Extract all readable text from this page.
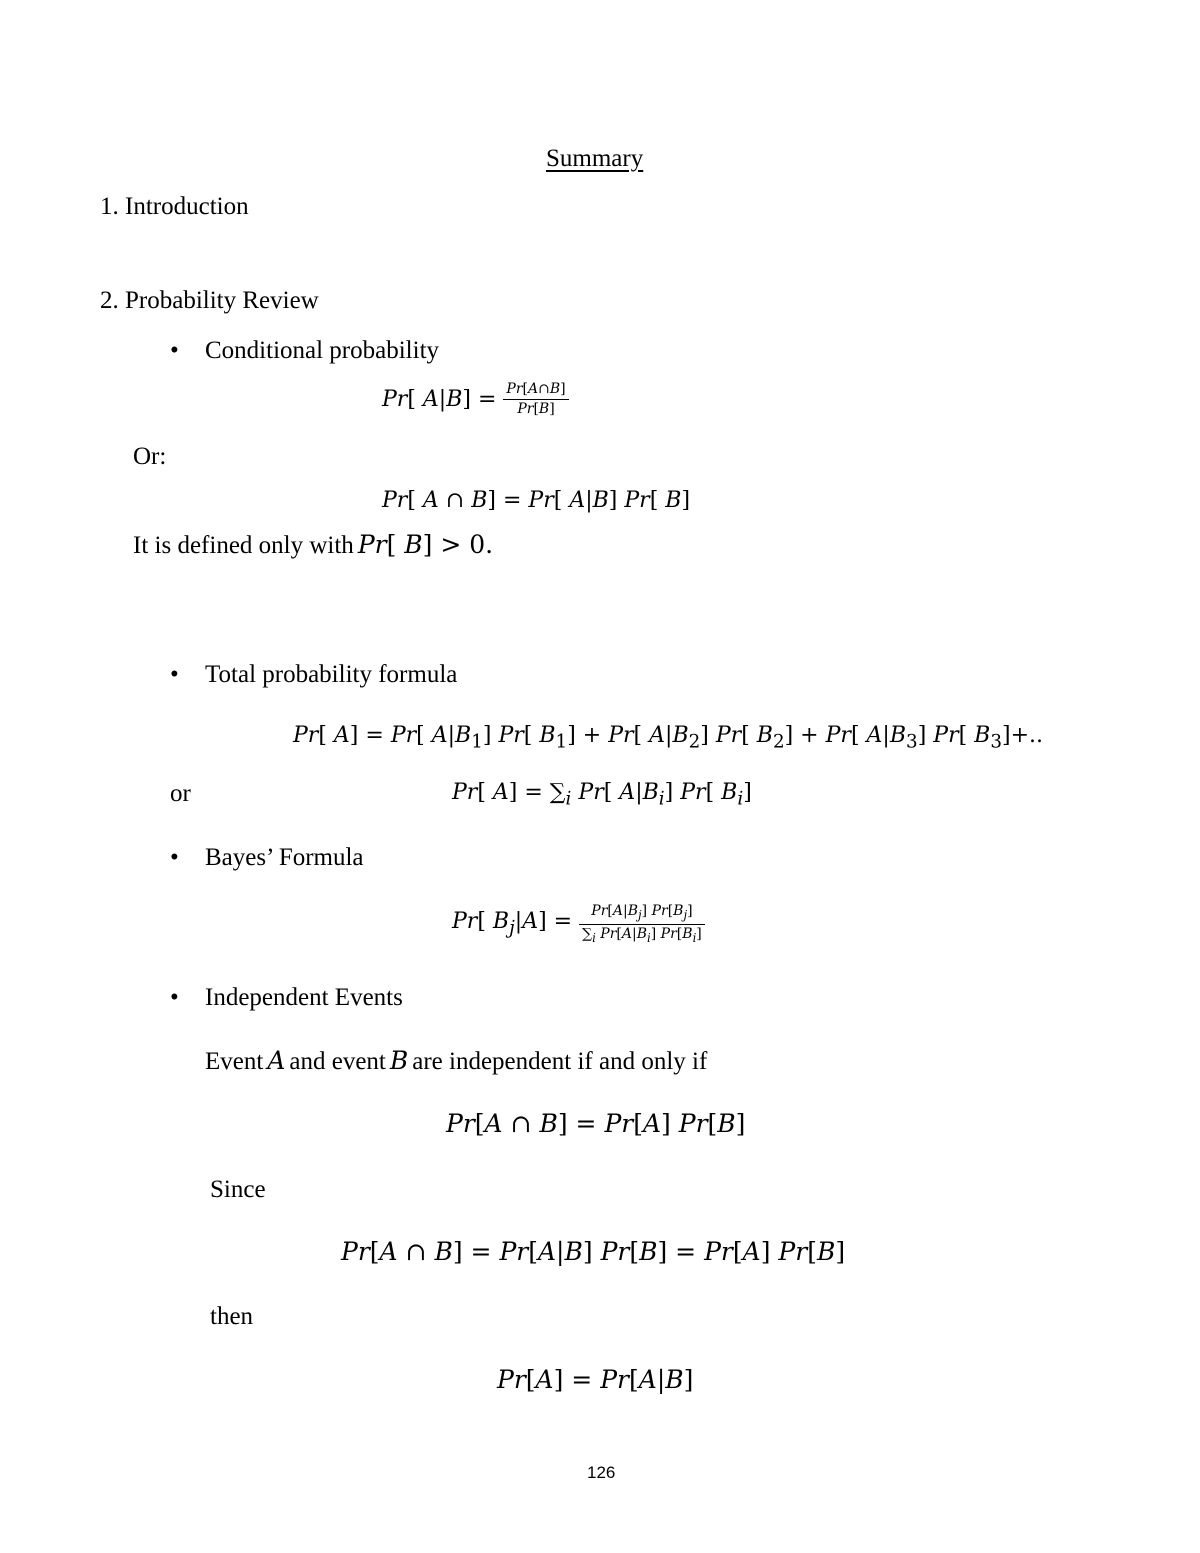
Summary
1. Introduction
2. Probability Review
• Conditional probability
Pr[ $A|B] = \frac{Pr[A\cap B]}{Pr[B]}$
Or:
Pr[ A ∩ B] = Pr[ A|B] Pr[ B]
It is defined only with Pr[ B] > 0.
• Total probability formula
Pr[ A] = Pr[ $A|B_1$] Pr[ $B_1] + Pr$[ $A|B_2$] Pr[ $B_2] + Pr$[ $A|B_3$] Pr[ $B_3]+$..
or	Pr[ $A] = \sum_i$ Pr[ $A|B_i$] Pr[ $B_i$]
• Bayes’ Formula
Pr[ $B_j|A] = \frac{Pr[A|B_j] Pr[B_j]}{\sum_i Pr[A|B_i] Pr[B_i]}$
• Independent Events
Event A and event B are independent if and only if
Pr[A ∩ B] = Pr[A] Pr[B]
Since
Pr[A ∩ B] = Pr[A|B] Pr[B] = Pr[A] Pr[B]
then
Pr[A] = Pr[A|B]
126
